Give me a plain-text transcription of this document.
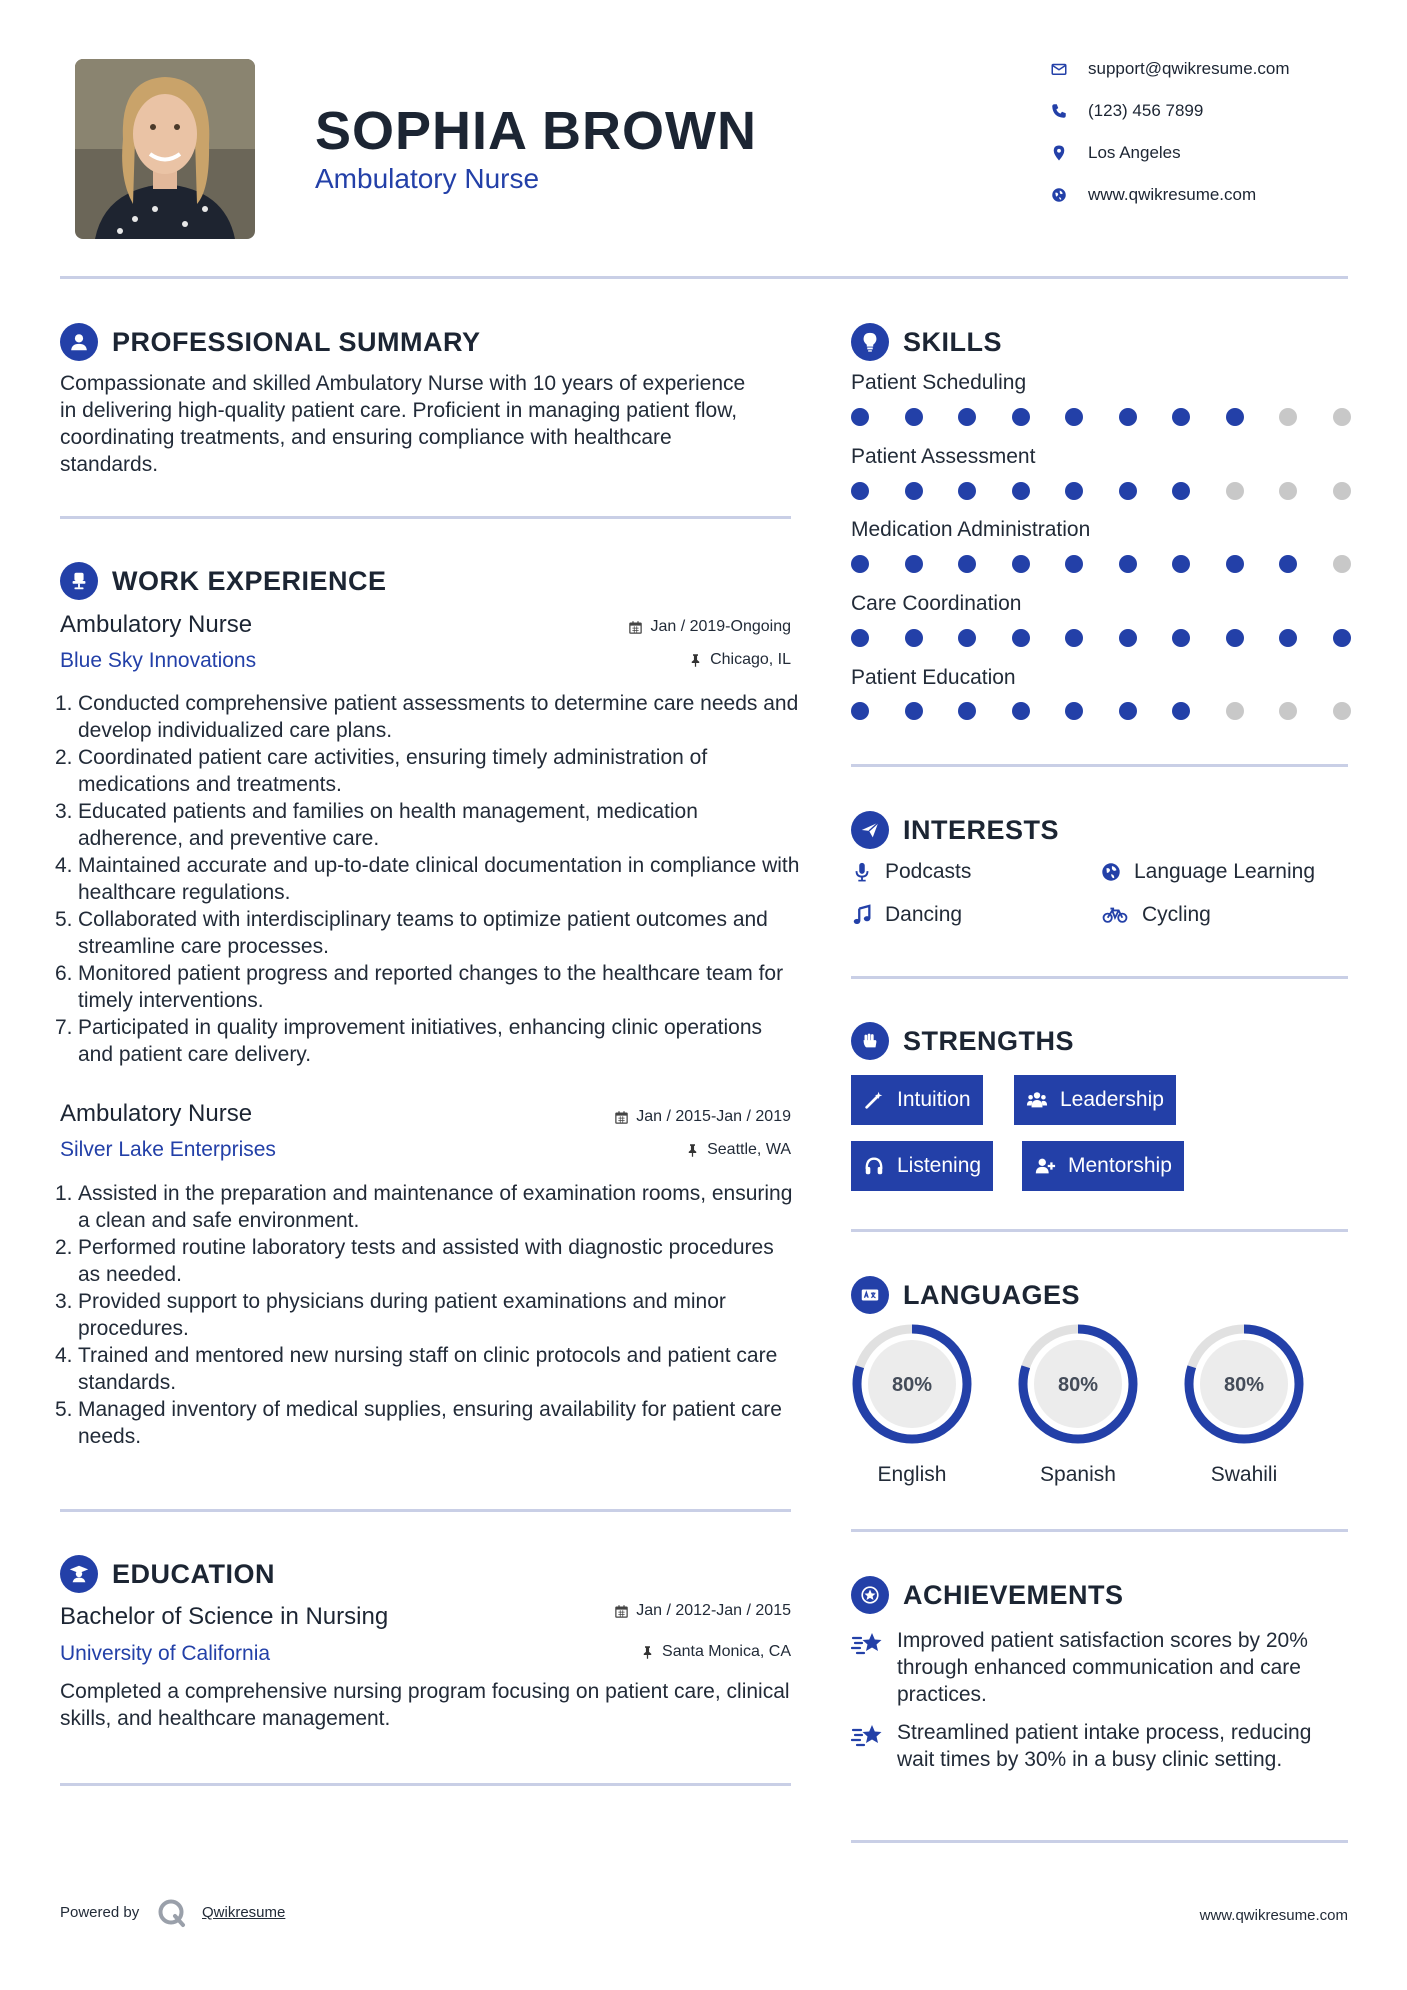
SOPHIA BROWN
Ambulatory Nurse
support@qwikresume.com
(123) 456 7899
Los Angeles
www.qwikresume.com
PROFESSIONAL SUMMARY
Compassionate and skilled Ambulatory Nurse with 10 years of experience in delivering high-quality patient care. Proficient in managing patient flow, coordinating treatments, and ensuring compliance with healthcare standards.
WORK EXPERIENCE
Ambulatory Nurse	Jan / 2019-Ongoing
Blue Sky Innovations	Chicago, IL
1. Conducted comprehensive patient assessments to determine care needs and develop individualized care plans.
2. Coordinated patient care activities, ensuring timely administration of medications and treatments.
3. Educated patients and families on health management, medication adherence, and preventive care.
4. Maintained accurate and up-to-date clinical documentation in compliance with healthcare regulations.
5. Collaborated with interdisciplinary teams to optimize patient outcomes and streamline care processes.
6. Monitored patient progress and reported changes to the healthcare team for timely interventions.
7. Participated in quality improvement initiatives, enhancing clinic operations and patient care delivery.
Ambulatory Nurse	Jan / 2015-Jan / 2019
Silver Lake Enterprises	Seattle, WA
1. Assisted in the preparation and maintenance of examination rooms, ensuring a clean and safe environment.
2. Performed routine laboratory tests and assisted with diagnostic procedures as needed.
3. Provided support to physicians during patient examinations and minor procedures.
4. Trained and mentored new nursing staff on clinic protocols and patient care standards.
5. Managed inventory of medical supplies, ensuring availability for patient care needs.
EDUCATION
Bachelor of Science in Nursing	Jan / 2012-Jan / 2015
University of California	Santa Monica, CA
Completed a comprehensive nursing program focusing on patient care, clinical skills, and healthcare management.
SKILLS
Patient Scheduling
Patient Assessment
Medication Administration
Care Coordination
Patient Education
INTERESTS
Podcasts	Language Learning
Dancing	Cycling
STRENGTHS
Intuition	Leadership
Listening	Mentorship
LANGUAGES
80%
English
80%
Spanish
80%
Swahili
ACHIEVEMENTS
Improved patient satisfaction scores by 20% through enhanced communication and care practices.
Streamlined patient intake process, reducing wait times by 30% in a busy clinic setting.
Powered by	Qwikresume	www.qwikresume.com
